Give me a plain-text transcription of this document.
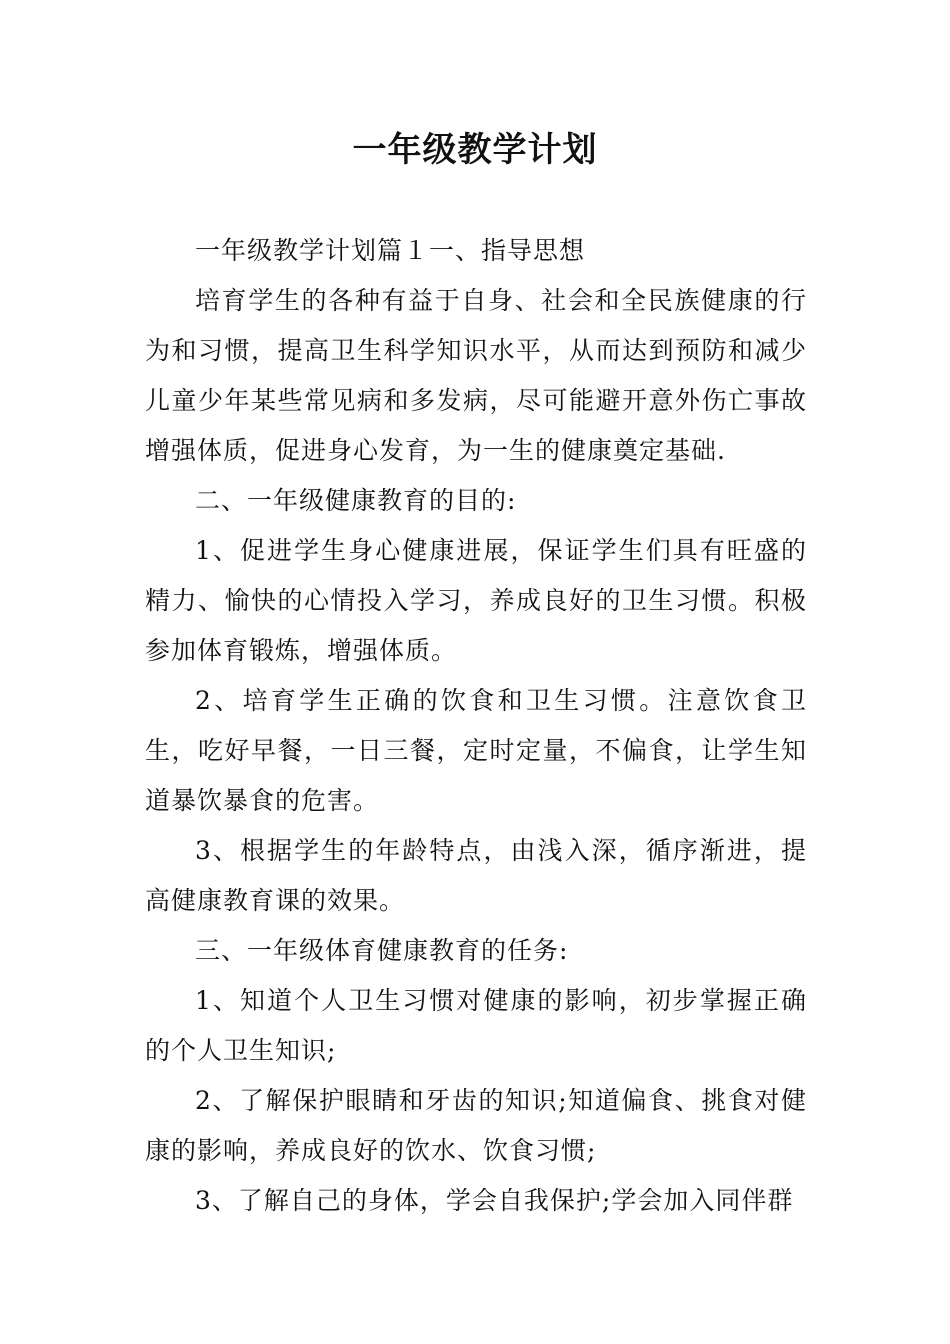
一年级教学计划

一年级教学计划篇１一、指导思想

培育学生的各种有益于自身、社会和全民族健康的行为和习惯，提高卫生科学知识水平，从而达到预防和减少儿童少年某些常见病和多发病，尽可能避开意外伤亡事故增强体质，促进身心发育，为一生的健康奠定基础.

二、一年级健康教育的目的:

1、促进学生身心健康进展，保证学生们具有旺盛的精力、愉快的心情投入学习，养成良好的卫生习惯。积极参加体育锻炼，增强体质。

2、培育学生正确的饮食和卫生习惯。注意饮食卫生，吃好早餐，一日三餐，定时定量，不偏食，让学生知道暴饮暴食的危害。

3、根据学生的年龄特点，由浅入深，循序渐进，提高健康教育课的效果。

三、一年级体育健康教育的任务:

1、知道个人卫生习惯对健康的影响，初步掌握正确的个人卫生知识;

2、了解保护眼睛和牙齿的知识;知道偏食、挑食对健康的影响，养成良好的饮水、饮食习惯;

3、了解自己的身体，学会自我保护;学会加入同伴群
